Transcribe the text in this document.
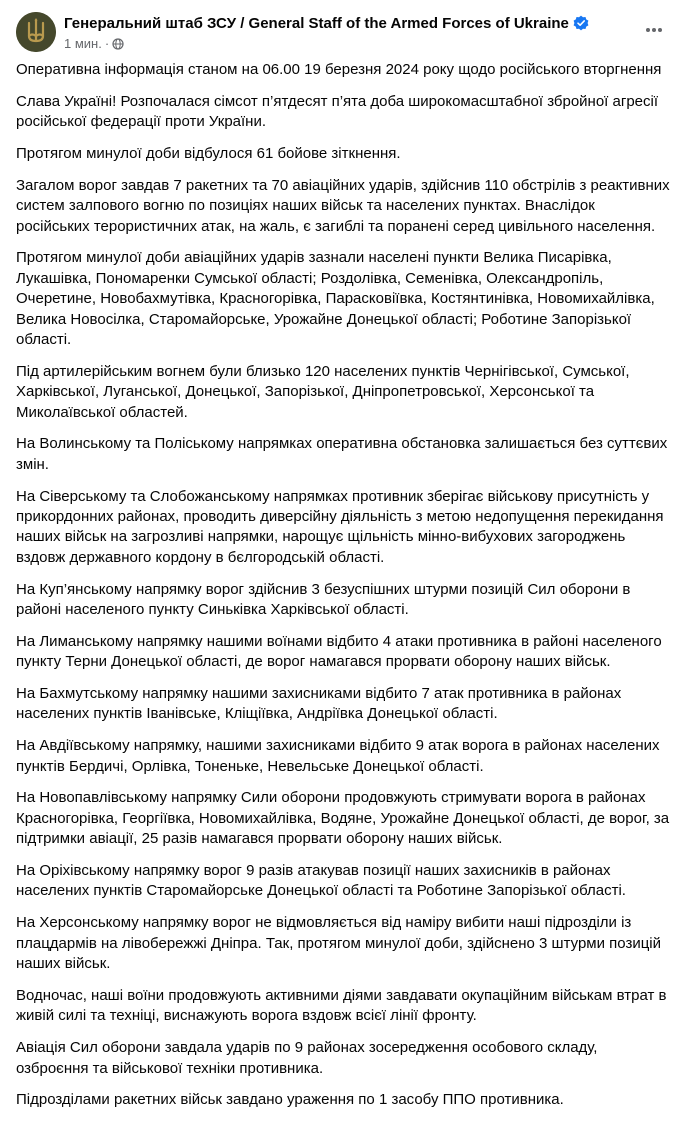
Генеральний штаб ЗСУ / General Staff of the Armed Forces of Ukraine
1 мин. ·

Оперативна інформація станом на 06.00 19 березня 2024 року щодо російського вторгнення

Слава Україні! Розпочалася сімсот п’ятдесят п’ята доба широкомасштабної збройної агресії російської федерації проти України.

Протягом минулої доби відбулося 61 бойове зіткнення.

Загалом ворог завдав 7 ракетних та 70 авіаційних ударів, здійснив 110 обстрілів з реактивних систем залпового вогню по позиціях наших військ та населених пунктах. Внаслідок російських терористичних атак, на жаль, є загиблі та поранені серед цивільного населення.

Протягом минулої доби авіаційних ударів зазнали населені пункти Велика Писарівка, Лукашівка, Пономаренки Сумської області; Роздолівка, Семенівка, Олександропіль, Очеретине, Новобахмутівка, Красногорівка, Парасковіївка, Костянтинівка, Новомихайлівка, Велика Новосілка, Старомайорське, Урожайне Донецької області; Роботине Запорізької області.

Під артилерійським вогнем були близько 120 населених пунктів Чернігівської, Сумської, Харківської, Луганської, Донецької, Запорізької, Дніпропетровської, Херсонської та Миколаївської областей.

На Волинському та Поліському напрямках оперативна обстановка залишається без суттєвих змін.

На Сіверському та Слобожанському напрямках противник зберігає військову присутність у прикордонних районах, проводить диверсійну діяльність з метою недопущення перекидання наших військ на загрозливі напрямки, нарощує щільність мінно-вибухових загороджень вздовж державного кордону в бєлгородській області.

На Куп’янському напрямку ворог здійснив 3 безуспішних штурми позицій Сил оборони в районі населеного пункту Синьківка Харківської області.

На Лиманському напрямку нашими воїнами відбито 4 атаки противника в районі населеного пункту Терни Донецької області, де ворог намагався прорвати оборону наших військ.

На Бахмутському напрямку нашими захисниками відбито 7 атак противника в районах населених пунктів Іванівське, Кліщіївка, Андріївка Донецької області.

На Авдіївському напрямку, нашими захисниками відбито 9 атак ворога в районах населених пунктів Бердичі, Орлівка, Тоненьке, Невельське Донецької області.

На Новопавлівському напрямку Сили оборони продовжують стримувати ворога в районах Красногорівка, Георгіївка, Новомихайлівка, Водяне, Урожайне Донецької області, де ворог, за підтримки авіації, 25 разів намагався прорвати оборону наших військ.

На Оріхівському напрямку ворог 9 разів атакував позиції наших захисників в районах населених пунктів Старомайорське Донецької області та Роботине Запорізької області.

На Херсонському напрямку ворог не відмовляється від наміру вибити наші підрозділи із плацдармів на лівобережжі Дніпра. Так, протягом минулої доби, здійснено 3 штурми позицій наших військ.

Водночас, наші воїни продовжують активними діями завдавати окупаційним військам втрат в живій силі та техніці, виснажують ворога вздовж всієї лінії фронту.

Авіація Сил оборони завдала ударів по 9 районах зосередження особового складу, озброєння та військової техніки противника.

Підрозділами ракетних військ завдано ураження по 1 засобу ППО противника.
